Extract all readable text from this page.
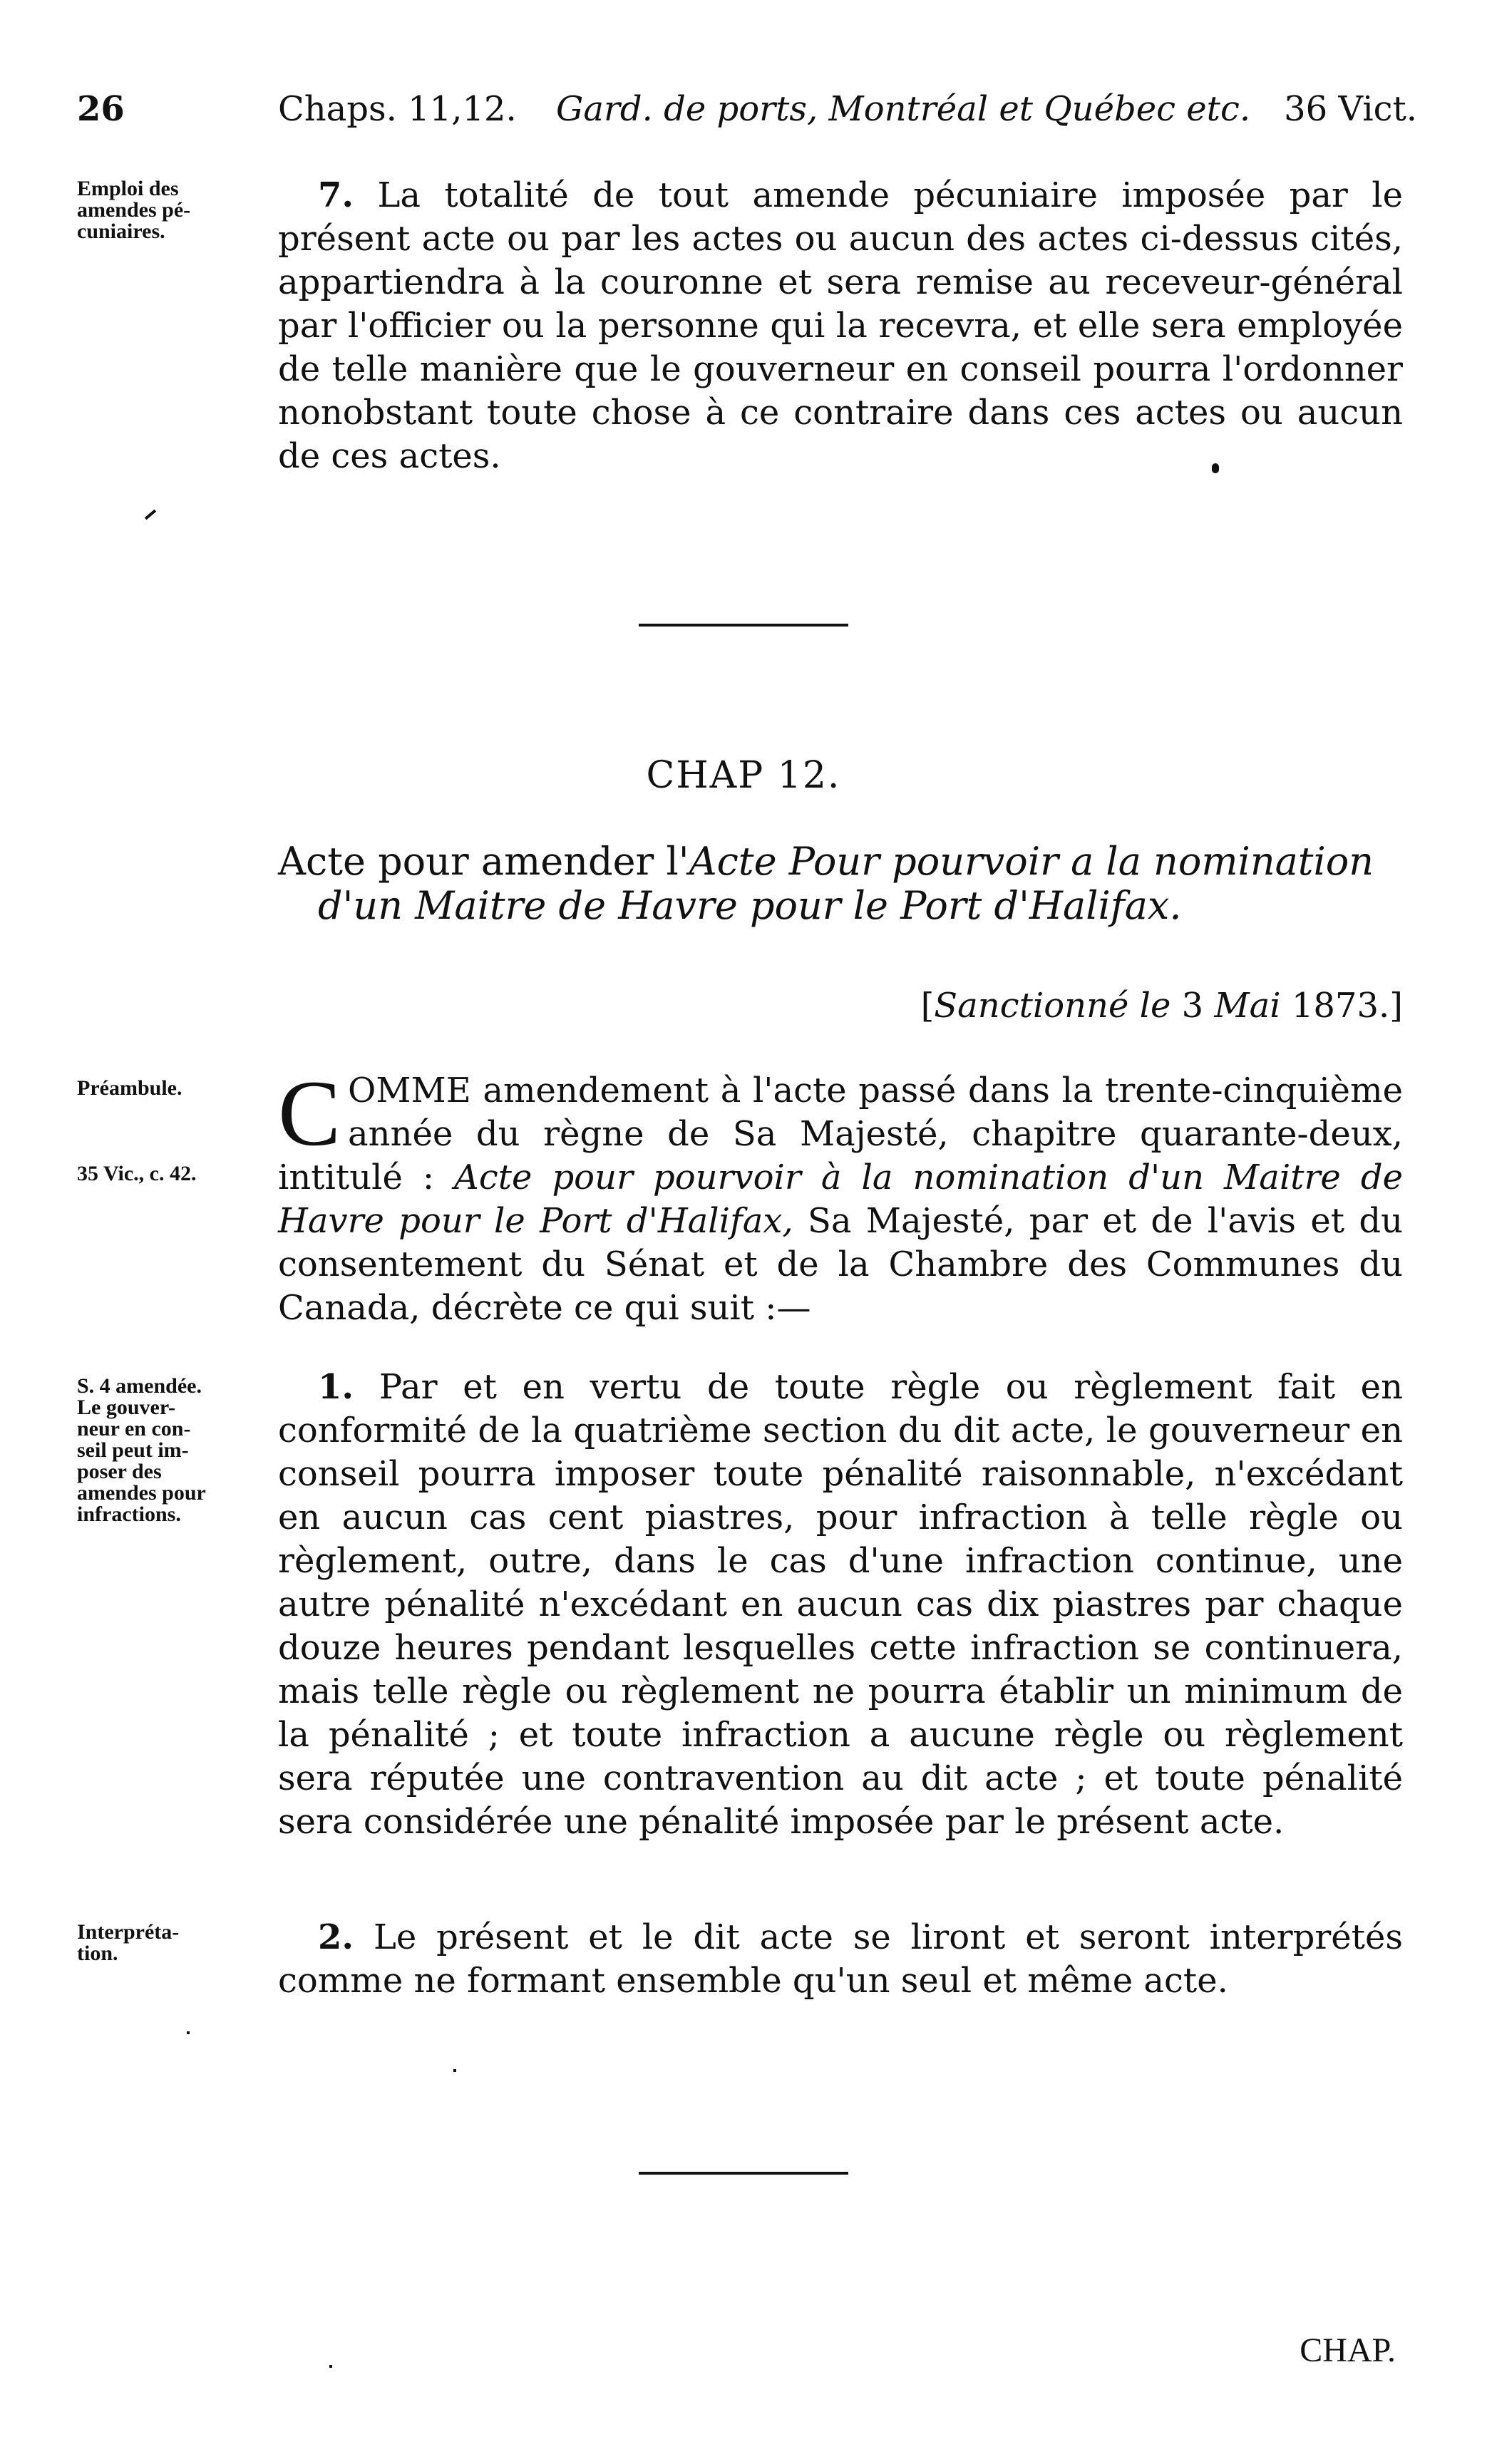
26	Chaps. 11,12. Gard. de ports, Montréal et Québec etc. 36 Vict.
Emploi des
amendes pé-
cuniaires.
7. La totalité de tout amende pécuniaire imposée par le présent acte ou par les actes ou aucun des actes ci-dessus cités, appartiendra à la couronne et sera remise au receveur-général par l'officier ou la personne qui la recevra, et elle sera employée de telle manière que le gouverneur en conseil pourra l'ordonner nonobstant toute chose à ce contraire dans ces actes ou aucun de ces actes.
CHAP 12.
Acte pour amender l'Acte Pour pourvoir a la nomination
d'un Maitre de Havre pour le Port d'Halifax.
[Sanctionné le 3 Mai 1873.]
Préambule.
35 Vic., c. 42.
COMME amendement à l'acte passé dans la trente-cinquième année du règne de Sa Majesté, chapitre quarante-deux, intitulé : Acte pour pourvoir à la nomination d'un Maitre de Havre pour le Port d'Halifax, Sa Majesté, par et de l'avis et du consentement du Sénat et de la Chambre des Communes du Canada, décrète ce qui suit :—
S. 4 amendée.
Le gouver-
neur en con-
seil peut im-
poser des
amendes pour
infractions.
1. Par et en vertu de toute règle ou règlement fait en conformité de la quatrième section du dit acte, le gouverneur en conseil pourra imposer toute pénalité raisonnable, n'excédant en aucun cas cent piastres, pour infraction à telle règle ou règlement, outre, dans le cas d'une infraction continue, une autre pénalité n'excédant en aucun cas dix piastres par chaque douze heures pendant lesquelles cette infraction se continuera, mais telle règle ou règlement ne pourra établir un minimum de la pénalité ; et toute infraction a aucune règle ou règlement sera réputée une contravention au dit acte ; et toute pénalité sera considérée une pénalité imposée par le présent acte.
Interpréta-
tion.	2. Le présent et le dit acte se liront et seront interprétés comme ne formant ensemble qu'un seul et même acte.
CHAP.
